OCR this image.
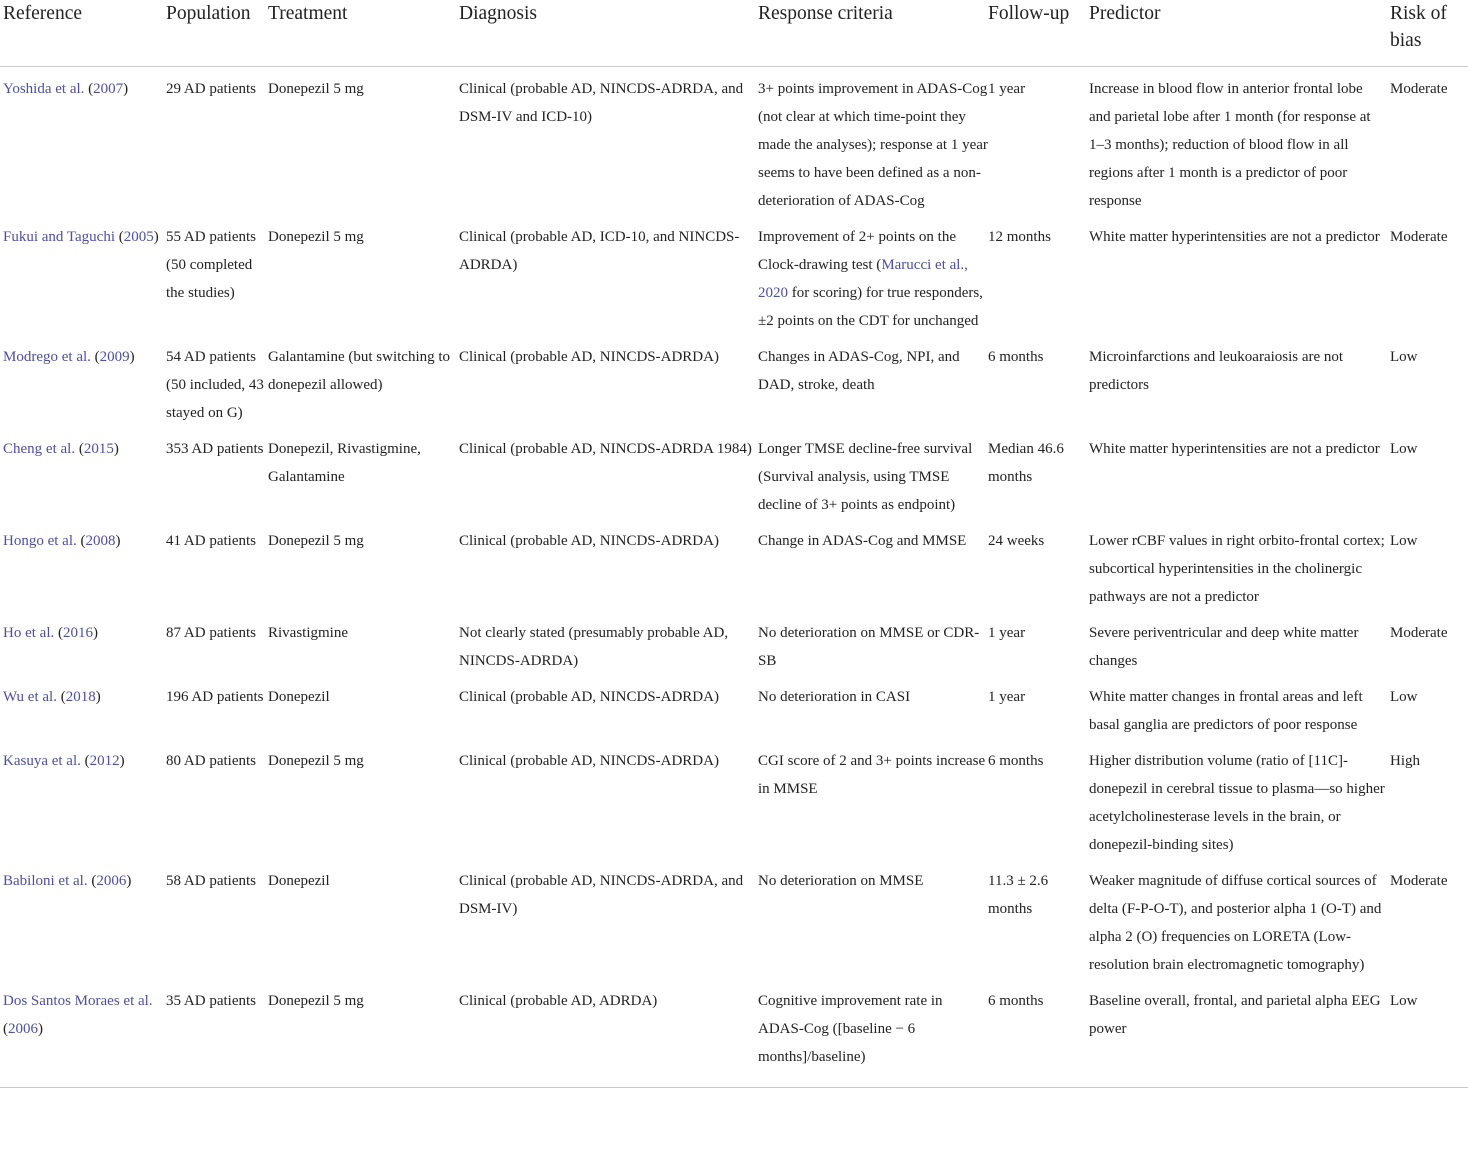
Reference	Population	Treatment	Diagnosis	Response criteria	Follow-up	Predictor	Risk of bias
Yoshida et al. (2007)	29 AD patients	Donepezil 5 mg	Clinical (probable AD, NINCDS-ADRDA, and DSM-IV and ICD-10)	3+ points improvement in ADAS-Cog (not clear at which time-point they made the analyses); response at 1 year seems to have been defined as a non-deterioration of ADAS-Cog	1 year	Increase in blood flow in anterior frontal lobe and parietal lobe after 1 month (for response at 1–3 months); reduction of blood flow in all regions after 1 month is a predictor of poor response	Moderate
Fukui and Taguchi (2005)	55 AD patients (50 completed the studies)	Donepezil 5 mg	Clinical (probable AD, ICD-10, and NINCDS-ADRDA)	Improvement of 2+ points on the Clock-drawing test (Marucci et al., 2020 for scoring) for true responders, ±2 points on the CDT for unchanged	12 months	White matter hyperintensities are not a predictor	Moderate
Modrego et al. (2009)	54 AD patients (50 included, 43 stayed on G)	Galantamine (but switching to donepezil allowed)	Clinical (probable AD, NINCDS-ADRDA)	Changes in ADAS-Cog, NPI, and DAD, stroke, death	6 months	Microinfarctions and leukoaraiosis are not predictors	Low
Cheng et al. (2015)	353 AD patients	Donepezil, Rivastigmine, Galantamine	Clinical (probable AD, NINCDS-ADRDA 1984)	Longer TMSE decline-free survival (Survival analysis, using TMSE decline of 3+ points as endpoint)	Median 46.6 months	White matter hyperintensities are not a predictor	Low
Hongo et al. (2008)	41 AD patients	Donepezil 5 mg	Clinical (probable AD, NINCDS-ADRDA)	Change in ADAS-Cog and MMSE	24 weeks	Lower rCBF values in right orbito-frontal cortex; subcortical hyperintensities in the cholinergic pathways are not a predictor	Low
Ho et al. (2016)	87 AD patients	Rivastigmine	Not clearly stated (presumably probable AD, NINCDS-ADRDA)	No deterioration on MMSE or CDR-SB	1 year	Severe periventricular and deep white matter changes	Moderate
Wu et al. (2018)	196 AD patients	Donepezil	Clinical (probable AD, NINCDS-ADRDA)	No deterioration in CASI	1 year	White matter changes in frontal areas and left basal ganglia are predictors of poor response	Low
Kasuya et al. (2012)	80 AD patients	Donepezil 5 mg	Clinical (probable AD, NINCDS-ADRDA)	CGI score of 2 and 3+ points increase in MMSE	6 months	Higher distribution volume (ratio of [11C]-donepezil in cerebral tissue to plasma—so higher acetylcholinesterase levels in the brain, or donepezil-binding sites)	High
Babiloni et al. (2006)	58 AD patients	Donepezil	Clinical (probable AD, NINCDS-ADRDA, and DSM-IV)	No deterioration on MMSE	11.3 ± 2.6 months	Weaker magnitude of diffuse cortical sources of delta (F-P-O-T), and posterior alpha 1 (O-T) and alpha 2 (O) frequencies on LORETA (Low-resolution brain electromagnetic tomography)	Moderate
Dos Santos Moraes et al. (2006)	35 AD patients	Donepezil 5 mg	Clinical (probable AD, ADRDA)	Cognitive improvement rate in ADAS-Cog ([baseline − 6 months]/baseline)	6 months	Baseline overall, frontal, and parietal alpha EEG power	Low
